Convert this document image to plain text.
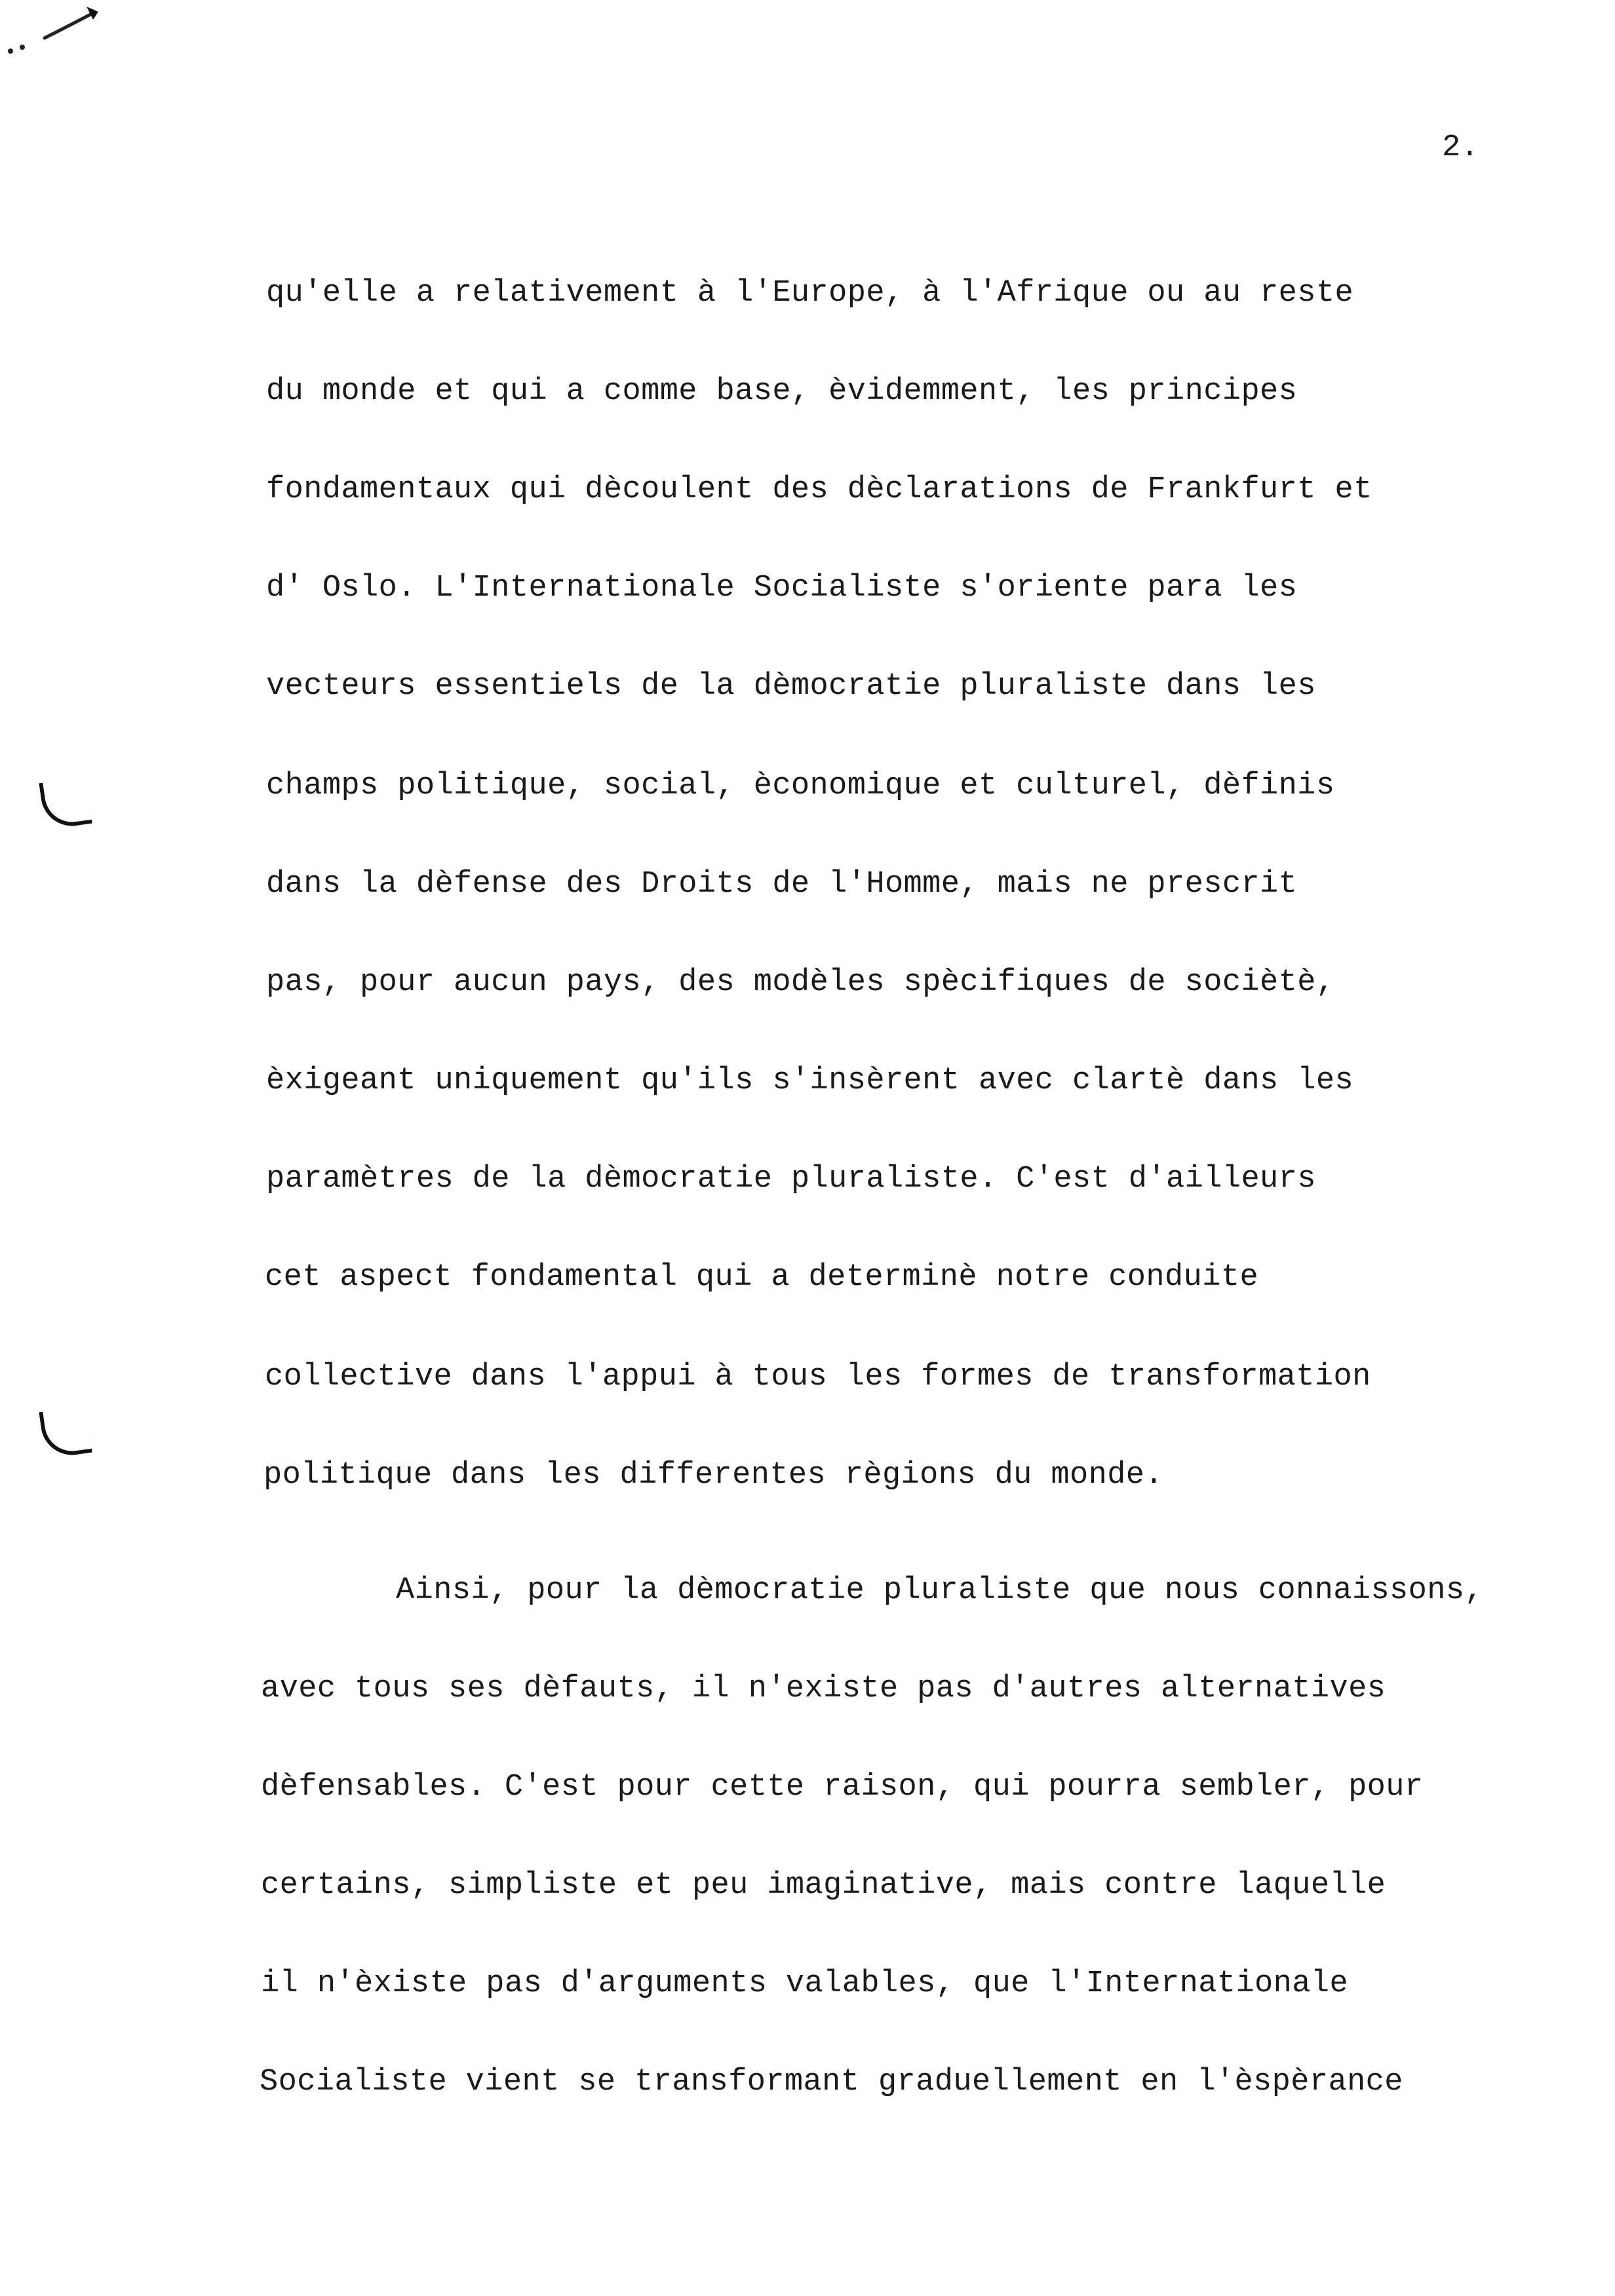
2.
qu'elle a relativement à l'Europe, à l'Afrique ou au reste
du monde et qui a comme base, èvidemment, les principes
fondamentaux qui dècoulent des dèclarations de Frankfurt et
d' Oslo. L'Internationale Socialiste s'oriente para les
vecteurs essentiels de la dèmocratie pluraliste dans les
champs politique, social, èconomique et culturel, dèfinis
dans la dèfense des Droits de l'Homme, mais ne prescrit
pas, pour aucun pays, des modèles spècifiques de sociètè,
èxigeant uniquement qu'ils s'insèrent avec clartè dans les
paramètres de la dèmocratie pluraliste. C'est d'ailleurs
cet aspect fondamental qui a determinè notre conduite
collective dans l'appui à tous les formes de transformation
politique dans les differentes règions du monde.
Ainsi, pour la dèmocratie pluraliste que nous connaissons,
avec tous ses dèfauts, il n'existe pas d'autres alternatives
dèfensables. C'est pour cette raison, qui pourra sembler, pour
certains, simpliste et peu imaginative, mais contre laquelle
il n'èxiste pas d'arguments valables, que l'Internationale
Socialiste vient se transformant graduellement en l'èspèrance
